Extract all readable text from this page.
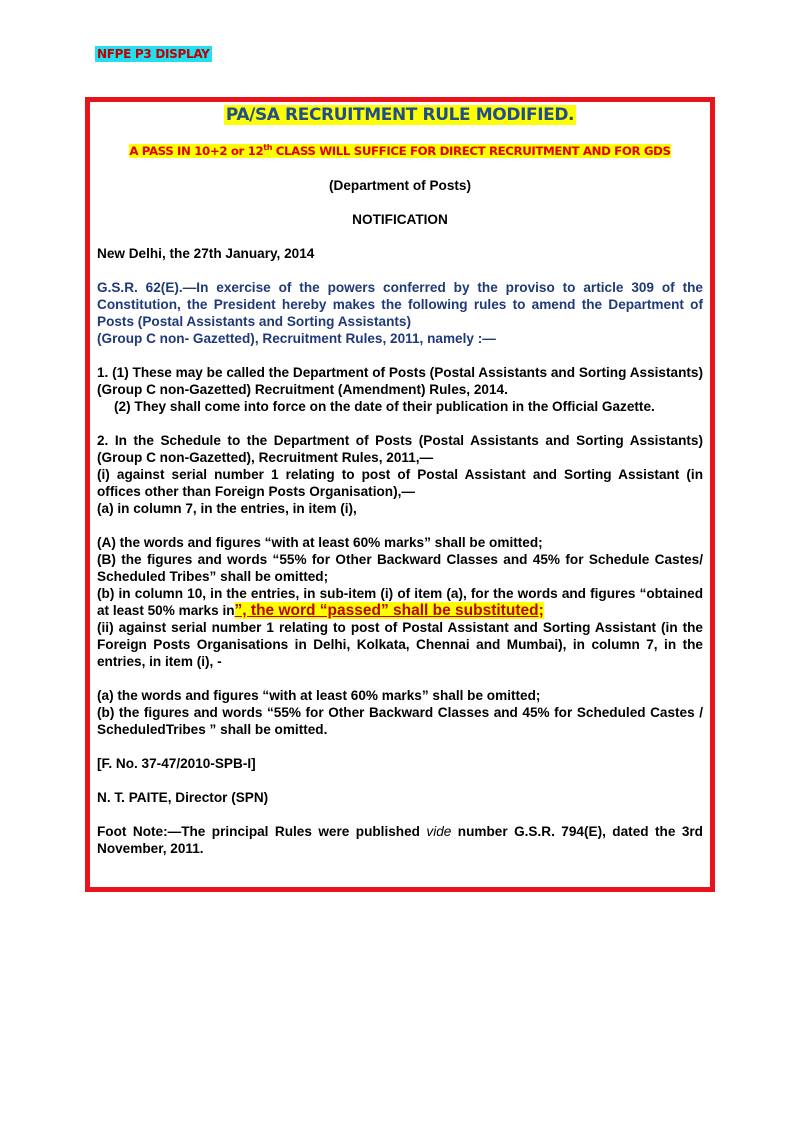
NFPE P3 DISPLAY
PA/SA RECRUITMENT RULE MODIFIED.
A PASS IN 10+2 or 12th CLASS WILL SUFFICE FOR DIRECT RECRUITMENT AND FOR GDS
(Department of Posts)
NOTIFICATION

New Delhi, the 27th January, 2014

G.S.R. 62(E).—In exercise of the powers conferred by the proviso to article 309 of the Constitution, the President hereby makes the following rules to amend the Department of Posts (Postal Assistants and Sorting Assistants)

(Group C non- Gazetted), Recruitment Rules, 2011, namely :—

1. (1) These may be called the Department of Posts (Postal Assistants and Sorting Assistants) (Group C non-Gazetted) Recruitment (Amendment) Rules, 2014.

(2) They shall come into force on the date of their publication in the Official Gazette.

2. In the Schedule to the Department of Posts (Postal Assistants and Sorting Assistants) (Group C non-Gazetted), Recruitment Rules, 2011,—

(i) against serial number 1 relating to post of Postal Assistant and Sorting Assistant (in offices other than Foreign Posts Organisation),—

(a) in column 7, in the entries, in item (i),

(A) the words and figures “with at least 60% marks” shall be omitted;

(B) the figures and words “55% for Other Backward Classes and 45% for Schedule Castes/ Scheduled Tribes” shall be omitted;

(b) in column 10, in the entries, in sub-item (i) of item (a), for the words and figures “obtained at least 50% marks in”, the word “passed” shall be substituted;

(ii) against serial number 1 relating to post of Postal Assistant and Sorting Assistant (in the Foreign Posts Organisations in Delhi, Kolkata, Chennai and Mumbai), in column 7, in the entries, in item (i), -

(a) the words and figures “with at least 60% marks” shall be omitted;

(b) the figures and words “55% for Other Backward Classes and 45% for Scheduled Castes / ScheduledTribes ” shall be omitted.

[F. No. 37-47/2010-SPB-I]

N. T. PAITE, Director (SPN)

Foot Note:—The principal Rules were published vide number G.S.R. 794(E), dated the 3rd November, 2011.
